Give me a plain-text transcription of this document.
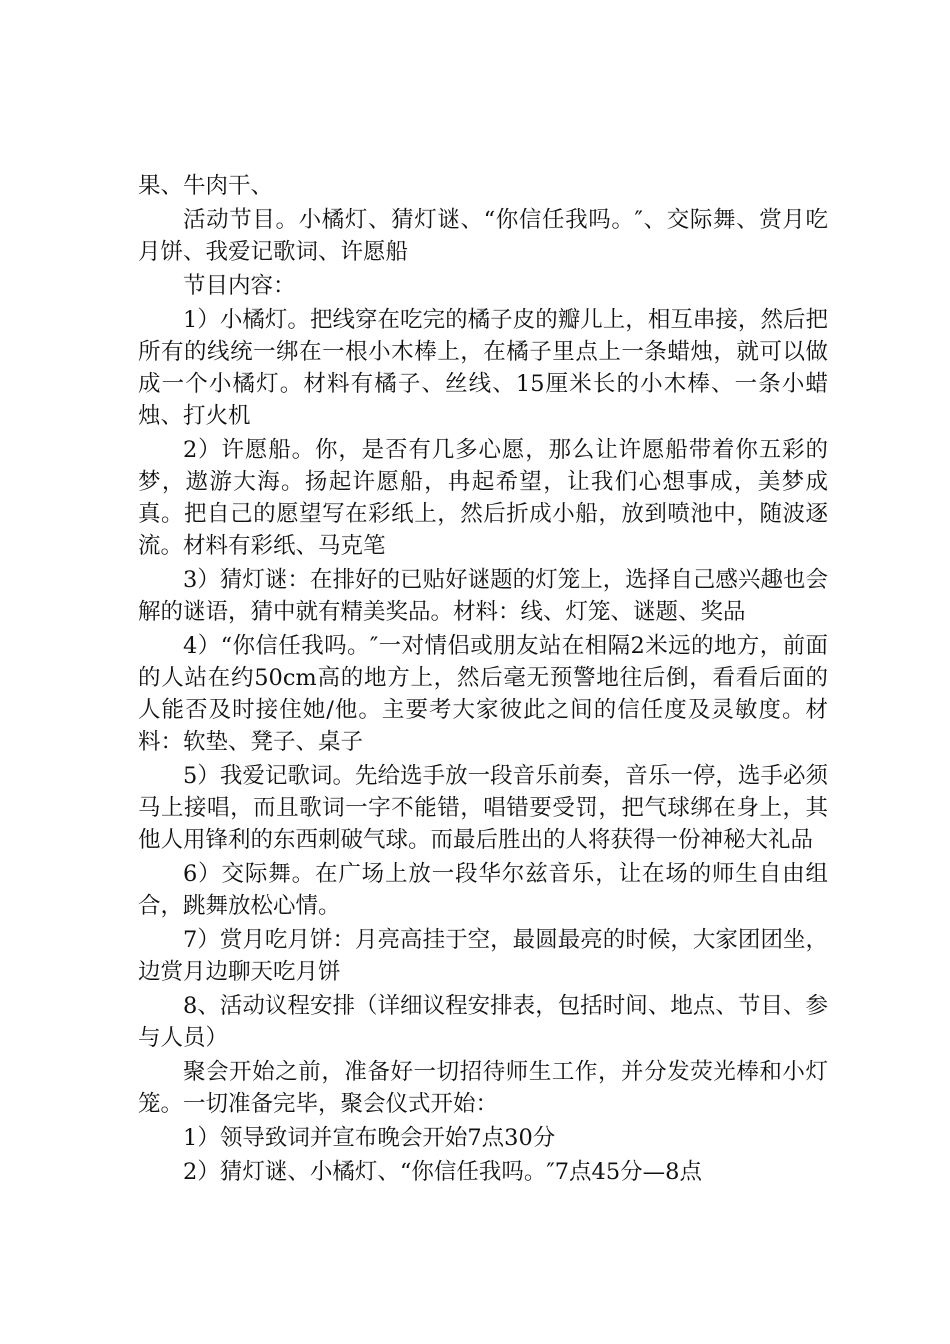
果、牛肉干、

活动节目。小橘灯、猜灯谜、“你信任我吗。″、交际舞、赏月吃月饼、我爱记歌词、许愿船

节目内容：

1）小橘灯。把线穿在吃完的橘子皮的瓣儿上，相互串接，然后把所有的线统一绑在一根小木棒上，在橘子里点上一条蜡烛，就可以做成一个小橘灯。材料有橘子、丝线、15厘米长的小木棒、一条小蜡烛、打火机

2）许愿船。你，是否有几多心愿，那么让许愿船带着你五彩的梦，遨游大海。扬起许愿船，冉起希望，让我们心想事成，美梦成真。把自己的愿望写在彩纸上，然后折成小船，放到喷池中，随波逐流。材料有彩纸、马克笔

3）猜灯谜：在排好的已贴好谜题的灯笼上，选择自己感兴趣也会解的谜语，猜中就有精美奖品。材料：线、灯笼、谜题、奖品

4）“你信任我吗。″一对情侣或朋友站在相隔2米远的地方，前面的人站在约50cm高的地方上，然后毫无预警地往后倒，看看后面的人能否及时接住她/他。主要考大家彼此之间的信任度及灵敏度。材料：软垫、凳子、桌子

5）我爱记歌词。先给选手放一段音乐前奏，音乐一停，选手必须马上接唱，而且歌词一字不能错，唱错要受罚，把气球绑在身上，其他人用锋利的东西刺破气球。而最后胜出的人将获得一份神秘大礼品

6）交际舞。在广场上放一段华尔兹音乐，让在场的师生自由组合，跳舞放松心情。

7）赏月吃月饼：月亮高挂于空，最圆最亮的时候，大家团团坐，边赏月边聊天吃月饼

8、活动议程安排（详细议程安排表，包括时间、地点、节目、参与人员）

聚会开始之前，准备好一切招待师生工作，并分发荧光棒和小灯笼。一切准备完毕，聚会仪式开始：

1）领导致词并宣布晚会开始7点30分

2）猜灯谜、小橘灯、“你信任我吗。″7点45分—8点
